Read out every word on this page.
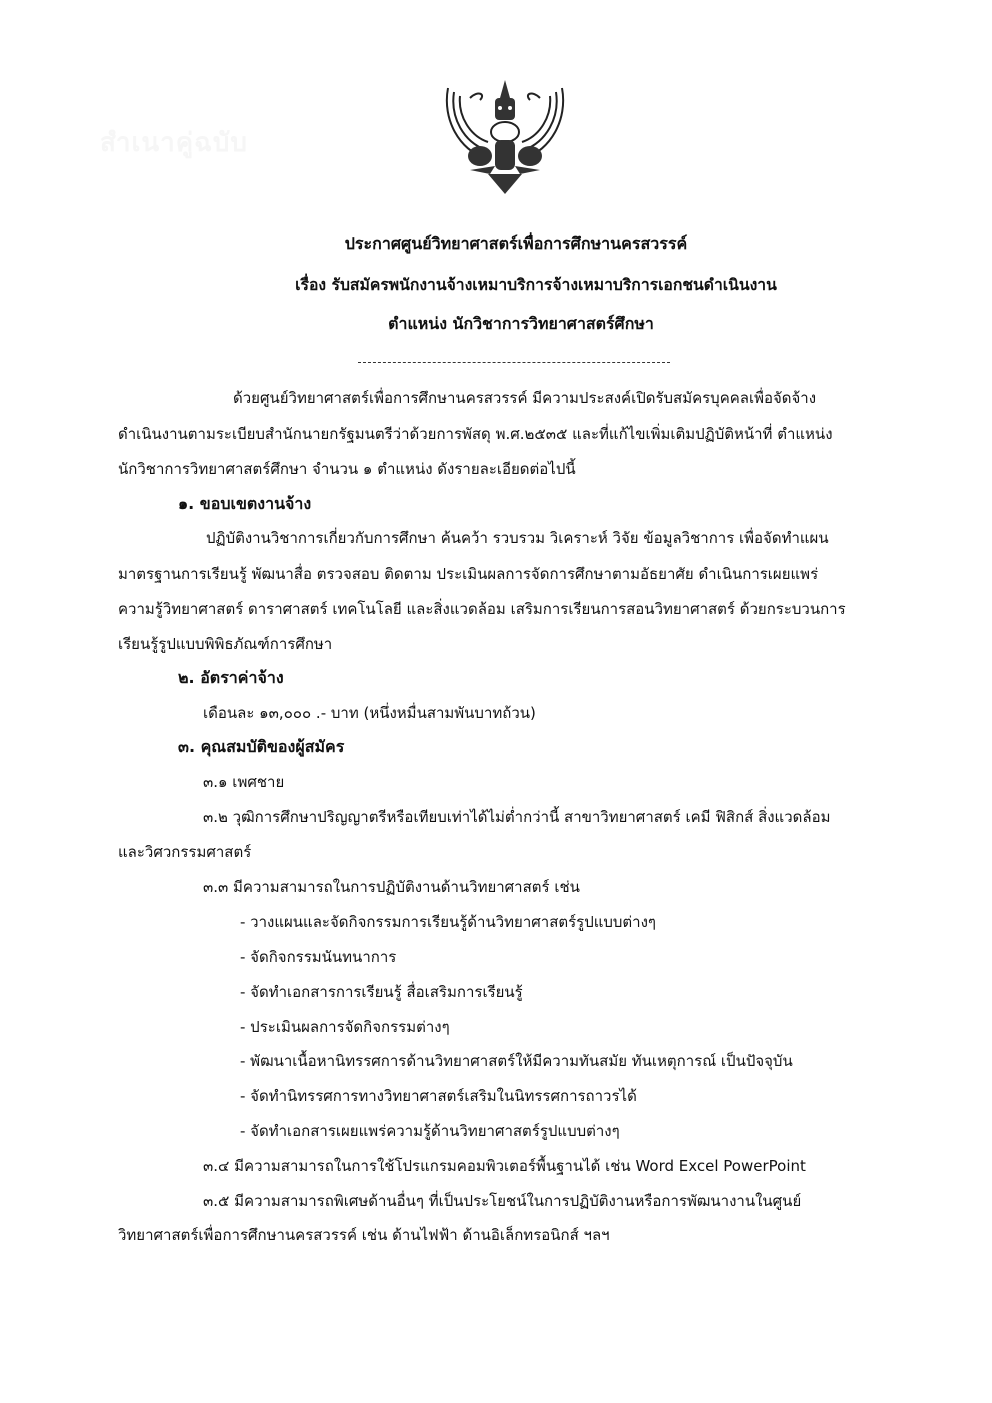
สำเนาคู่ฉบับ
ประกาศศูนย์วิทยาศาสตร์เพื่อการศึกษานครสวรรค์
เรื่อง รับสมัครพนักงานจ้างเหมาบริการจ้างเหมาบริการเอกชนดำเนินงาน
ตำแหน่ง นักวิชาการวิทยาศาสตร์ศึกษา
ด้วยศูนย์วิทยาศาสตร์เพื่อการศึกษานครสวรรค์ มีความประสงค์เปิดรับสมัครบุคคลเพื่อจัดจ้าง
ดำเนินงานตามระเบียบสำนักนายกรัฐมนตรีว่าด้วยการพัสดุ พ.ศ.๒๕๓๕ และที่แก้ไขเพิ่มเติมปฏิบัติหน้าที่ ตำแหน่ง
นักวิชาการวิทยาศาสตร์ศึกษา จำนวน ๑ ตำแหน่ง ดังรายละเอียดต่อไปนี้
๑. ขอบเขตงานจ้าง
ปฏิบัติงานวิชาการเกี่ยวกับการศึกษา ค้นคว้า รวบรวม วิเคราะห์ วิจัย ข้อมูลวิชาการ เพื่อจัดทำแผน
มาตรฐานการเรียนรู้ พัฒนาสื่อ ตรวจสอบ ติดตาม ประเมินผลการจัดการศึกษาตามอัธยาศัย ดำเนินการเผยแพร่
ความรู้วิทยาศาสตร์ ดาราศาสตร์ เทคโนโลยี และสิ่งแวดล้อม เสริมการเรียนการสอนวิทยาศาสตร์ ด้วยกระบวนการ
เรียนรู้รูปแบบพิพิธภัณฑ์การศึกษา
๒. อัตราค่าจ้าง
เดือนละ ๑๓,๐๐๐ .- บาท (หนึ่งหมื่นสามพันบาทถ้วน)
๓. คุณสมบัติของผู้สมัคร
๓.๑ เพศชาย
๓.๒ วุฒิการศึกษาปริญญาตรีหรือเทียบเท่าได้ไม่ต่ำกว่านี้ สาขาวิทยาศาสตร์ เคมี ฟิสิกส์ สิ่งแวดล้อม
และวิศวกรรมศาสตร์
๓.๓ มีความสามารถในการปฏิบัติงานด้านวิทยาศาสตร์ เช่น
- วางแผนและจัดกิจกรรมการเรียนรู้ด้านวิทยาศาสตร์รูปแบบต่างๆ
- จัดกิจกรรมนันทนาการ
- จัดทำเอกสารการเรียนรู้ สื่อเสริมการเรียนรู้
- ประเมินผลการจัดกิจกรรมต่างๆ
- พัฒนาเนื้อหานิทรรศการด้านวิทยาศาสตร์ให้มีความทันสมัย ทันเหตุการณ์ เป็นปัจจุบัน
- จัดทำนิทรรศการทางวิทยาศาสตร์เสริมในนิทรรศการถาวรได้
- จัดทำเอกสารเผยแพร่ความรู้ด้านวิทยาศาสตร์รูปแบบต่างๆ
๓.๔ มีความสามารถในการใช้โปรแกรมคอมพิวเตอร์พื้นฐานได้ เช่น Word Excel PowerPoint
๓.๕ มีความสามารถพิเศษด้านอื่นๆ ที่เป็นประโยชน์ในการปฏิบัติงานหรือการพัฒนางานในศูนย์
วิทยาศาสตร์เพื่อการศึกษานครสวรรค์ เช่น ด้านไฟฟ้า ด้านอิเล็กทรอนิกส์ ฯลฯ
